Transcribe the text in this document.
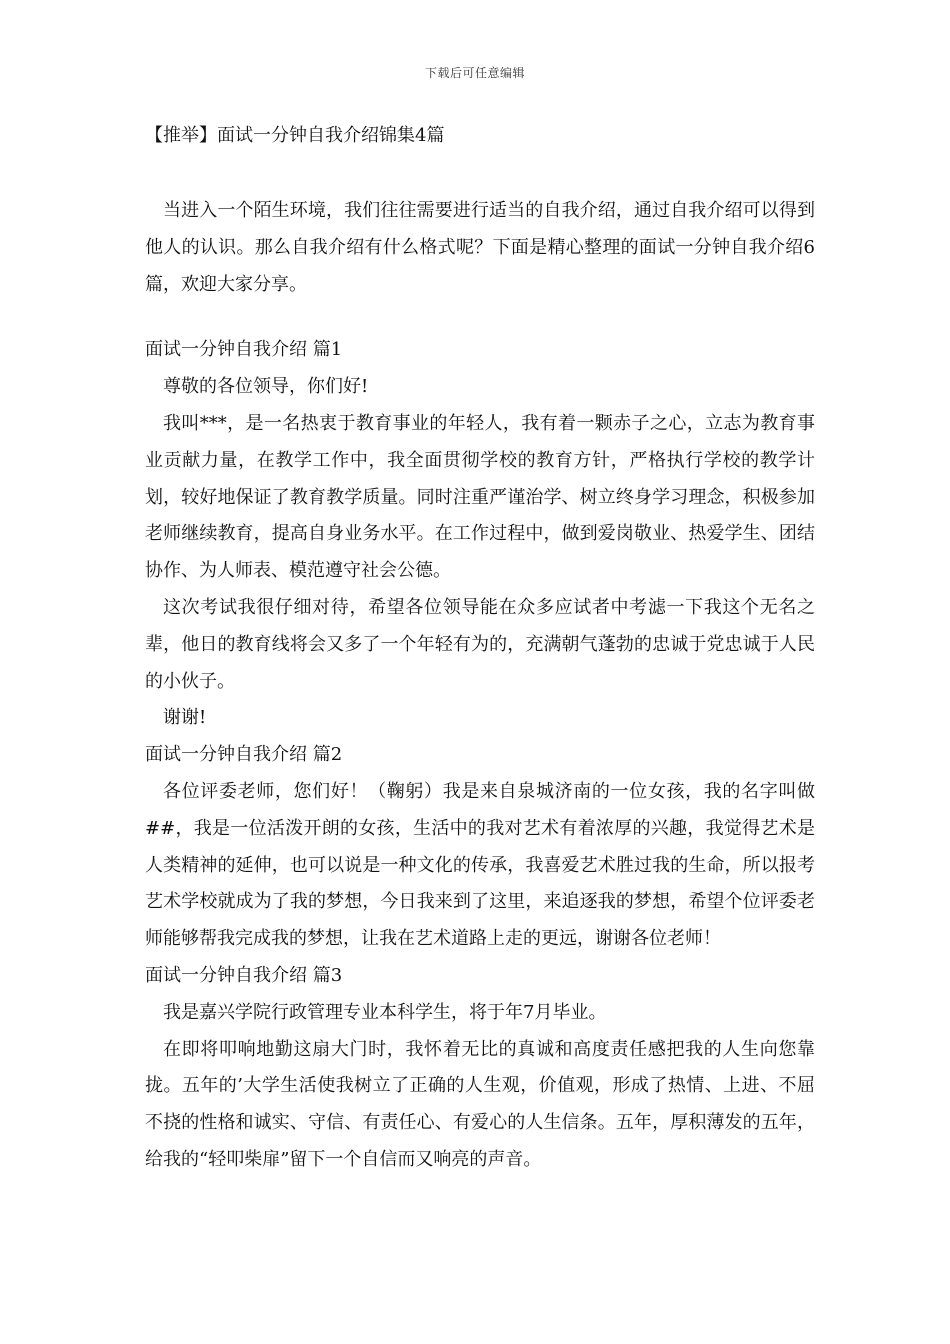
下载后可任意编辑

【推举】面试一分钟自我介绍锦集4篇

当进入一个陌生环境，我们往往需要进行适当的自我介绍，通过自我介绍可以得到他人的认识。那么自我介绍有什么格式呢？下面是精心整理的面试一分钟自我介绍6篇，欢迎大家分享。

面试一分钟自我介绍 篇1

尊敬的各位领导，你们好!

我叫***，是一名热衷于教育事业的年轻人，我有着一颗赤子之心，立志为教育事业贡献力量，在教学工作中，我全面贯彻学校的教育方针，严格执行学校的教学计划，较好地保证了教育教学质量。同时注重严谨治学、树立终身学习理念，积极参加老师继续教育，提高自身业务水平。在工作过程中，做到爱岗敬业、热爱学生、团结协作、为人师表、模范遵守社会公德。

这次考试我很仔细对待，希望各位领导能在众多应试者中考滤一下我这个无名之辈，他日的教育线将会又多了一个年轻有为的，充满朝气蓬勃的忠诚于党忠诚于人民的小伙子。

谢谢!

面试一分钟自我介绍 篇2

各位评委老师，您们好！（鞠躬）我是来自泉城济南的一位女孩，我的名字叫做##，我是一位活泼开朗的女孩，生活中的我对艺术有着浓厚的兴趣，我觉得艺术是人类精神的延伸，也可以说是一种文化的传承，我喜爱艺术胜过我的生命，所以报考艺术学校就成为了我的梦想，今日我来到了这里，来追逐我的梦想，希望个位评委老师能够帮我完成我的梦想，让我在艺术道路上走的更远，谢谢各位老师！

面试一分钟自我介绍 篇3

我是嘉兴学院行政管理专业本科学生，将于年7月毕业。

在即将叩响地勤这扇大门时，我怀着无比的真诚和高度责任感把我的人生向您靠拢。五年的’大学生活使我树立了正确的人生观，价值观，形成了热情、上进、不屈不挠的性格和诚实、守信、有责任心、有爱心的人生信条。五年，厚积薄发的五年，给我的“轻叩柴扉”留下一个自信而又响亮的声音。
